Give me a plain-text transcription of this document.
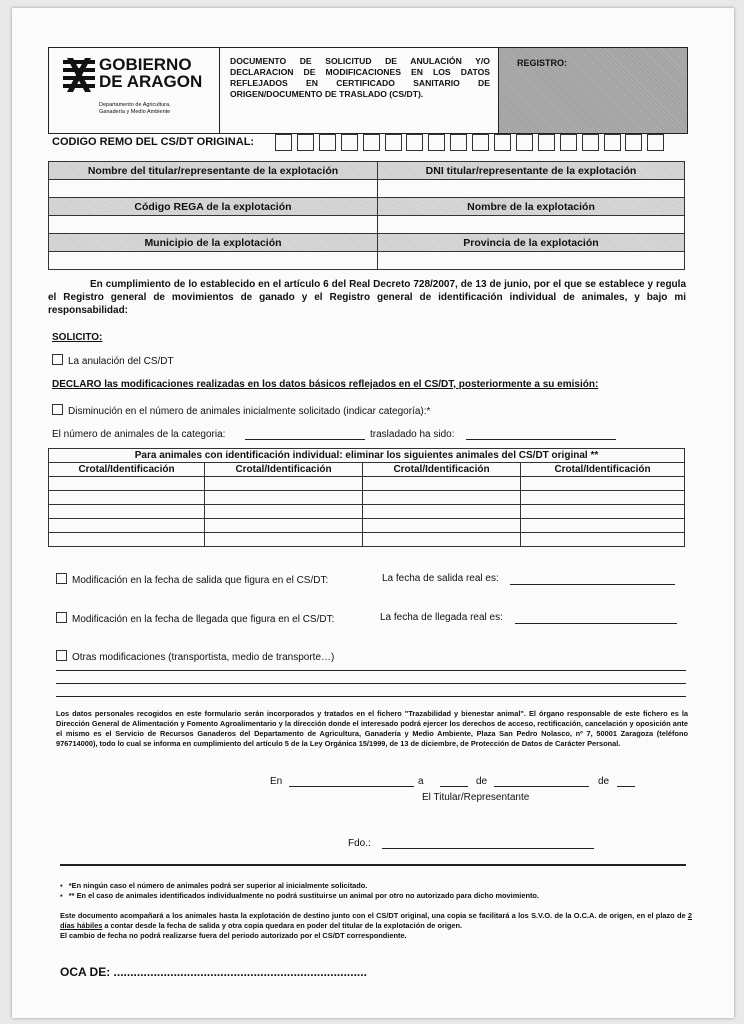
GOBIERNO
DE ARAGON
Departamento de Agricultura,
Ganadería y Medio Ambiente
DOCUMENTO DE SOLICITUD DE ANULACIÓN Y/O DECLARACION DE MODIFICACIONES EN LOS DATOS REFLEJADOS EN CERTIFICADO SANITARIO DE ORIGEN/DOCUMENTO DE TRASLADO (CS/DT).
REGISTRO:
CODIGO REMO DEL CS/DT ORIGINAL:
Nombre del titular/representante de la explotación	DNI titular/representante de la explotación

Código REGA de la explotación	Nombre de la explotación

Municipio de la explotación	Provincia de la explotación

En cumplimiento de lo establecido en el artículo 6 del Real Decreto 728/2007, de 13 de junio, por el que se establece y regula el Registro general de movimientos de ganado y el Registro general de identificación individual de animales, y bajo mi responsabilidad:

SOLICITO:
La anulación del CS/DT
DECLARO las modificaciones realizadas en los datos básicos reflejados en el CS/DT, posteriormente a su emisión:
Disminución en el número de animales inicialmente solicitado (indicar categoría):*
El número de animales de la categoria:	trasladado ha sido:
Para animales con identificación individual: eliminar los siguientes animales del CS/DT original **			
Crotal/Identificación	Crotal/Identificación	Crotal/Identificación	Crotal/Identificación

Modificación en la fecha de salida que figura en el CS/DT:	La fecha de salida real es:
Modificación en la fecha de llegada que figura en el CS/DT:	La fecha de llegada real es:
Otras modificaciones (transportista, medio de transporte…)

Los datos personales recogidos en este formulario serán incorporados y tratados en el fichero "Trazabilidad y bienestar animal". El órgano responsable de este fichero es la Dirección General de Alimentación y Fomento Agroalimentario y la dirección donde el interesado podrá ejercer los derechos de acceso, rectificación, cancelación y oposición ante el mismo es el Servicio de Recursos Ganaderos del Departamento de Agricultura, Ganadería y Medio Ambiente, Plaza San Pedro Nolasco, nº 7, 50001 Zaragoza (teléfono 976714000), todo lo cual se informa en cumplimiento del artículo 5 de la Ley Orgánica 15/1999, de 13 de diciembre, de Protección de Datos de Carácter Personal.

En	a	de	de
El Titular/Representante
Fdo.:
▪   *En ningún caso el número de animales podrá ser superior al inicialmente solicitado.
▪   ** En el caso de animales identificados individualmente no podrá sustituirse un animal por otro no autorizado para dicho movimiento.

Este documento acompañará a los animales hasta la explotación de destino junto con el CS/DT original, una copia se facilitará a los S.V.O. de la O.C.A. de origen, en el plazo de 2 días hábiles a contar desde la fecha de salida y otra copia quedara en poder del titular de la explotación de origen.
El cambio de fecha no podrá realizarse fuera del periodo autorizado por el CS/DT correspondiente.

OCA DE: ............................................................................
